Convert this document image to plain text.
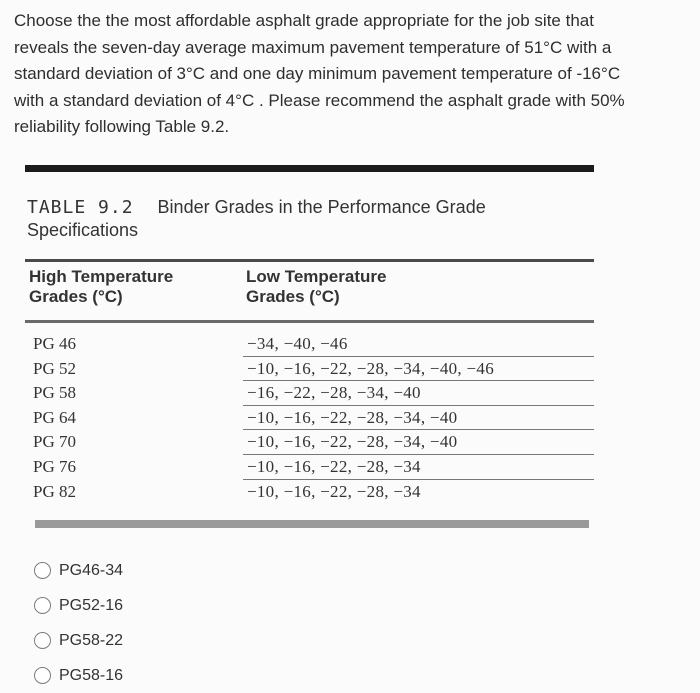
Choose the the most affordable asphalt grade appropriate for the job site that
reveals the seven-day average maximum pavement temperature of 51°C with a
standard deviation of 3°C and one day minimum pavement temperature of -16°C
with a standard deviation of 4°C . Please recommend the asphalt grade with 50%
reliability following Table 9.2.
TABLE 9.2 Binder Grades in the Performance Grade
Specifications
High Temperature
Grades (°C)
Low Temperature
Grades (°C)
PG 46	−34, −40, −46
PG 52	−10, −16, −22, −28, −34, −40, −46
PG 58	−16, −22, −28, −34, −40
PG 64	−10, −16, −22, −28, −34, −40
PG 70	−10, −16, −22, −28, −34, −40
PG 76	−10, −16, −22, −28, −34
PG 82	−10, −16, −22, −28, −34
PG46-34
PG52-16
PG58-22
PG58-16
